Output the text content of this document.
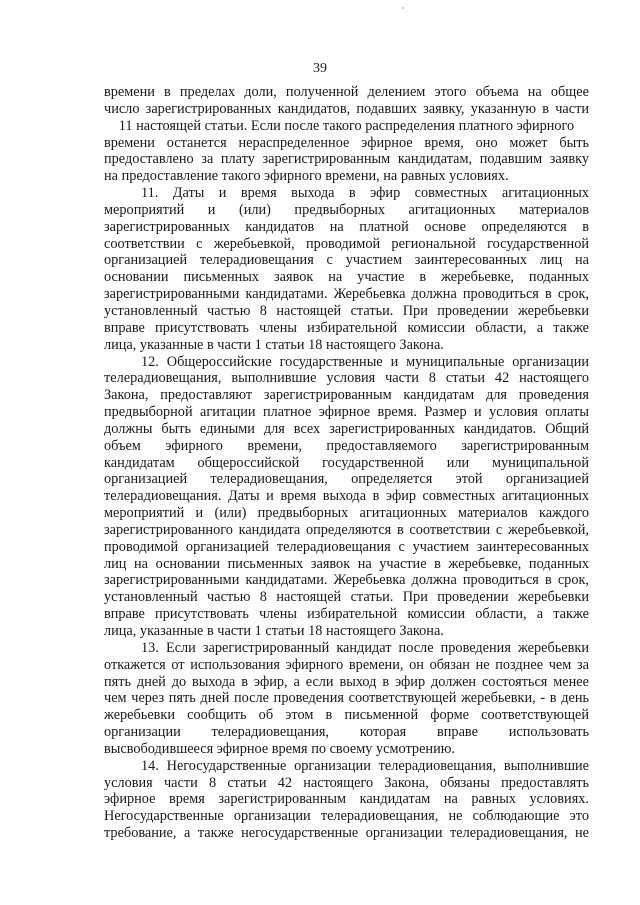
39
времени в пределах доли, полученной делением этого объема на общее
число зарегистрированных кандидатов, подавших заявку, указанную в части
11 настоящей статьи. Если после такого распределения платного эфирного
времени останется нераспределенное эфирное время, оно может быть
предоставлено за плату зарегистрированным кандидатам, подавшим заявку
на предоставление такого эфирного времени, на равных условиях.
11. Даты и время выхода в эфир совместных агитационных
мероприятий и (или) предвыборных агитационных материалов
зарегистрированных кандидатов на платной основе определяются в
соответствии с жеребьевкой, проводимой региональной государственной
организацией телерадиовещания с участием заинтересованных лиц на
основании письменных заявок на участие в жеребьевке, поданных
зарегистрированными кандидатами. Жеребьевка должна проводиться в срок,
установленный частью 8 настоящей статьи. При проведении жеребьевки
вправе присутствовать члены избирательной комиссии области, а также
лица, указанные в части 1 статьи 18 настоящего Закона.
12. Общероссийские государственные и муниципальные организации
телерадиовещания, выполнившие условия части 8 статьи 42 настоящего
Закона, предоставляют зарегистрированным кандидатам для проведения
предвыборной агитации платное эфирное время. Размер и условия оплаты
должны быть едиными для всех зарегистрированных кандидатов. Общий
объем эфирного времени, предоставляемого зарегистрированным
кандидатам общероссийской государственной или муниципальной
организацией телерадиовещания, определяется этой организацией
телерадиовещания. Даты и время выхода в эфир совместных агитационных
мероприятий и (или) предвыборных агитационных материалов каждого
зарегистрированного кандидата определяются в соответствии с жеребьевкой,
проводимой организацией телерадиовещания с участием заинтересованных
лиц на основании письменных заявок на участие в жеребьевке, поданных
зарегистрированными кандидатами. Жеребьевка должна проводиться в срок,
установленный частью 8 настоящей статьи. При проведении жеребьевки
вправе присутствовать члены избирательной комиссии области, а также
лица, указанные в части 1 статьи 18 настоящего Закона.
13. Если зарегистрированный кандидат после проведения жеребьевки
откажется от использования эфирного времени, он обязан не позднее чем за
пять дней до выхода в эфир, а если выход в эфир должен состояться менее
чем через пять дней после проведения соответствующей жеребьевки, - в день
жеребьевки сообщить об этом в письменной форме соответствующей
организации телерадиовещания, которая вправе использовать
высвободившееся эфирное время по своему усмотрению.
14. Негосударственные организации телерадиовещания, выполнившие
условия части 8 статьи 42 настоящего Закона, обязаны предоставлять
эфирное время зарегистрированным кандидатам на равных условиях.
Негосударственные организации телерадиовещания, не соблюдающие это
требование, а также негосударственные организации телерадиовещания, не
